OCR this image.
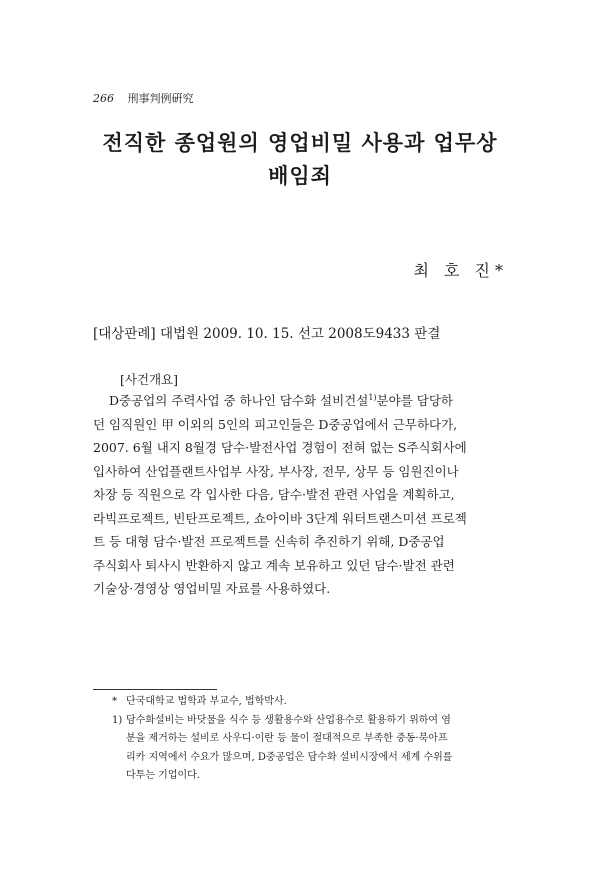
266 刑事判例硏究
전직한 종업원의 영업비밀 사용과 업무상
배임죄
최 호 진*
[대상판례] 대법원 2009. 10. 15. 선고 2008도9433 판결
[사건개요]
D중공업의 주력사업 중 하나인 담수화 설비건설$^{1)}$분야를 담당하
던 임직원인 甲 이외의 5인의 피고인들은 D중공업에서 근무하다가,
2007. 6월 내지 8월경 담수·발전사업 경험이 전혀 없는 S주식회사에
입사하여 산업플랜트사업부 사장, 부사장, 전무, 상무 등 임원진이나
차장 등 직원으로 각 입사한 다음, 담수·발전 관련 사업을 계획하고,
라빅프로젝트, 빈탄프로젝트, 쇼아이바 3단계 워터트랜스미션 프로젝
트 등 대형 담수·발전 프로젝트를 신속히 추진하기 위해, D중공업
주식회사 퇴사시 반환하지 않고 계속 보유하고 있던 담수·발전 관련
기술상·경영상 영업비밀 자료를 사용하였다.
* 단국대학교 법학과 부교수, 법학박사.
1) 담수화설비는 바닷물을 식수 등 생활용수와 산업용수로 활용하기 위하여 염
분을 제거하는 설비로 사우디·이란 등 물이 절대적으로 부족한 중동·북아프
리카 지역에서 수요가 많으며, D중공업은 담수화 설비시장에서 세계 수위를
다투는 기업이다.
